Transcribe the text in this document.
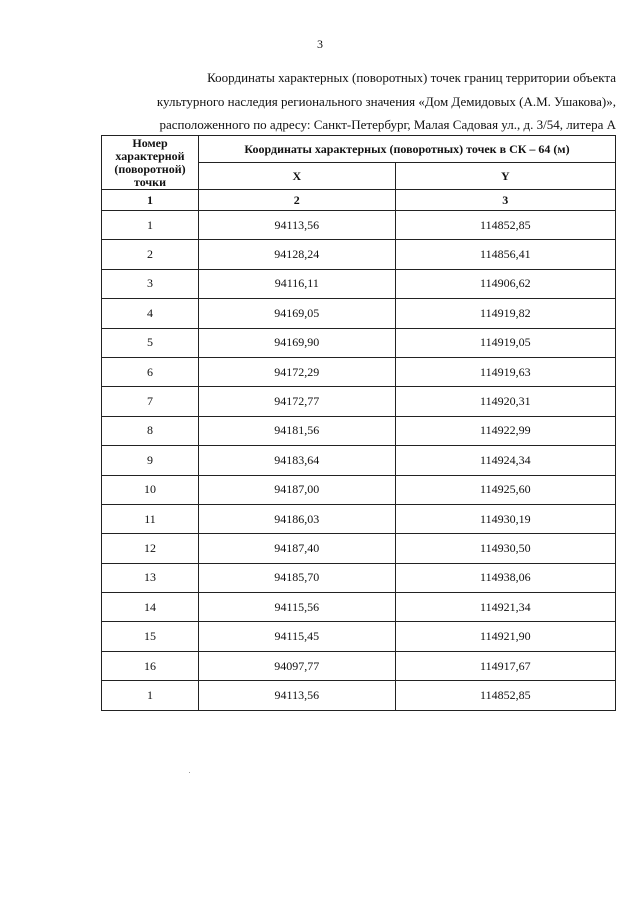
3
Координаты характерных (поворотных) точек границ территории объекта
культурного наследия регионального значения «Дом Демидовых (А.М. Ушакова)»,
расположенного по адресу: Санкт-Петербург, Малая Садовая ул., д. 3/54, литера А
Номер характерной (поворотной) точки	Координаты характерных (поворотных) точек в СК – 64 (м)	
	X	Y
1	2	3
1	94113,56	114852,85
2	94128,24	114856,41
3	94116,11	114906,62
4	94169,05	114919,82
5	94169,90	114919,05
6	94172,29	114919,63
7	94172,77	114920,31
8	94181,56	114922,99
9	94183,64	114924,34
10	94187,00	114925,60
11	94186,03	114930,19
12	94187,40	114930,50
13	94185,70	114938,06
14	94115,56	114921,34
15	94115,45	114921,90
16	94097,77	114917,67
1	94113,56	114852,85
